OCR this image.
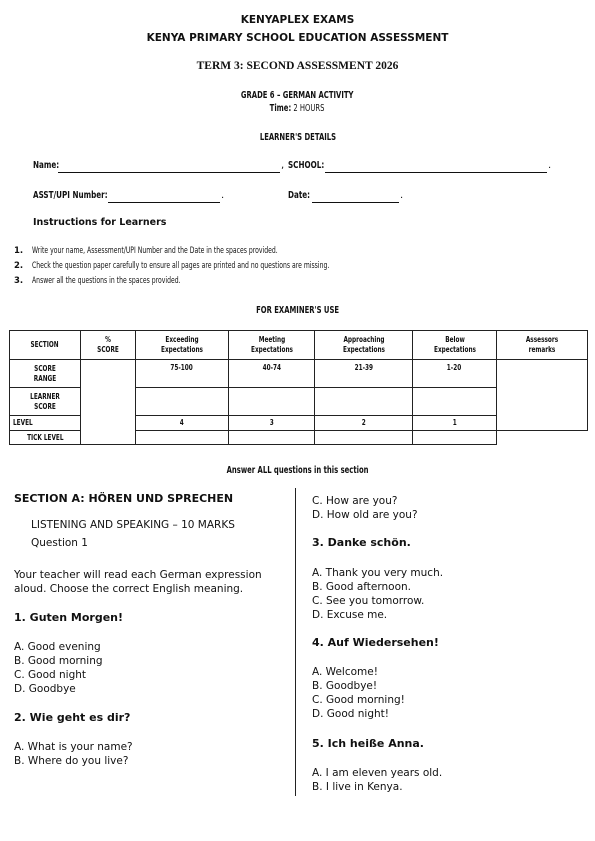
KENYAPLEX EXAMS
KENYA PRIMARY SCHOOL EDUCATION ASSESSMENT
TERM 3: SECOND ASSESSMENT 2026
GRADE 6 – GERMAN ACTIVITY
Time: 2 HOURS
LEARNER'S DETAILS
Name:	, SCHOOL:	.
ASST/UPI Number:	.	Date:	.
Instructions for Learners
1. Write your name, Assessment/UPI Number and the Date in the spaces provided.
2. Check the question paper carefully to ensure all pages are printed and no questions are missing.
3. Answer all the questions in the spaces provided.
FOR EXAMINER'S USE
SECTION	% SCORE	Exceeding Expectations	Meeting Expectations	Approaching Expectations	Below Expectations	Assessors remarks
SCORE RANGE		75-100	40-74	21-39	1-20	
LEARNER SCORE						
LEVEL		4	3	2	1	
TICK LEVEL						
Answer ALL questions in this section
SECTION A: HÖREN UND SPRECHEN
LISTENING AND SPEAKING – 10 MARKS
Question 1
Your teacher will read each German expression
aloud. Choose the correct English meaning.
1. Guten Morgen!
A. Good evening
B. Good morning
C. Good night
D. Goodbye
2. Wie geht es dir?
A. What is your name?
B. Where do you live?
C. How are you?
D. How old are you?
3. Danke schön.
A. Thank you very much.
B. Good afternoon.
C. See you tomorrow.
D. Excuse me.
4. Auf Wiedersehen!
A. Welcome!
B. Goodbye!
C. Good morning!
D. Good night!
5. Ich heiße Anna.
A. I am eleven years old.
B. I live in Kenya.
